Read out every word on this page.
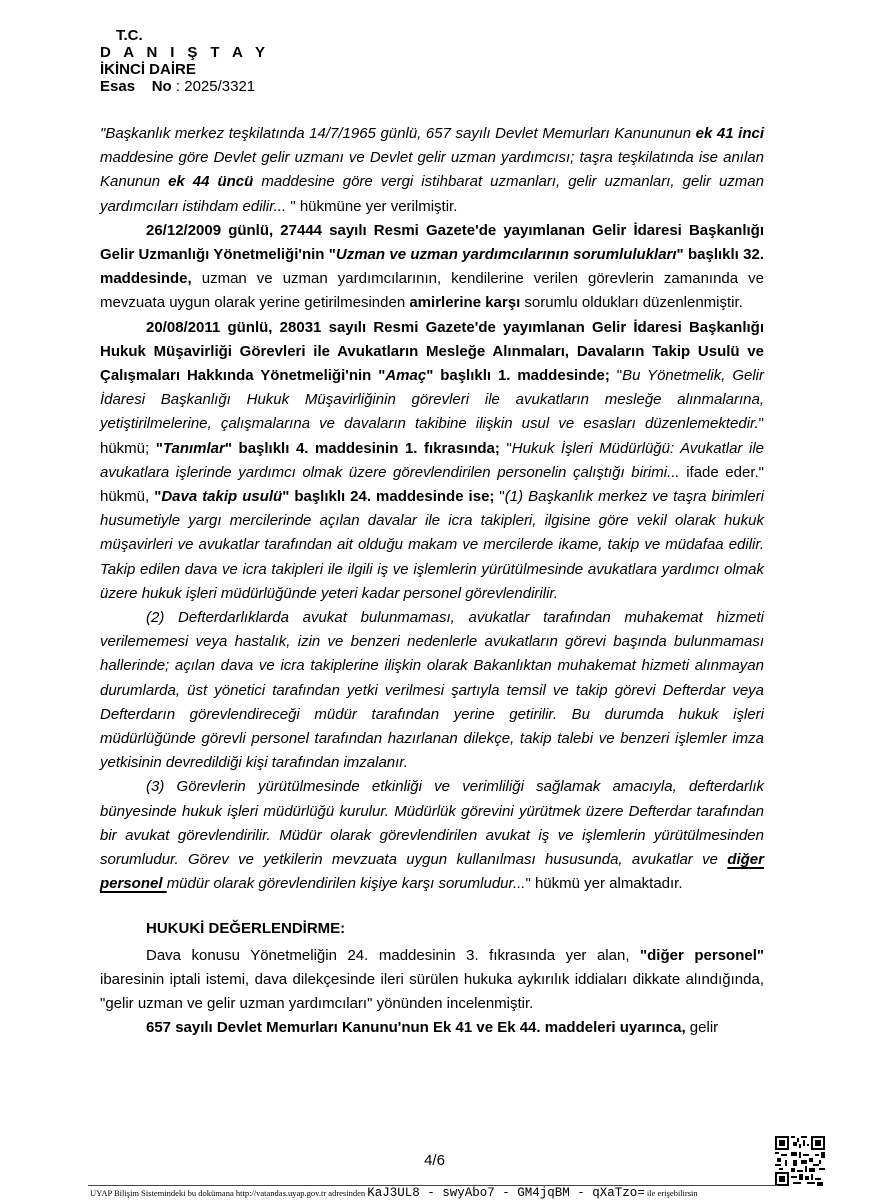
T.C.
D A N I Ş T A Y
İKİNCİ DAİRE
Esas No : 2025/3321

"Başkanlık merkez teşkilatında 14/7/1965 günlü, 657 sayılı Devlet Memurları Kanununun ek 41 inci maddesine göre Devlet gelir uzmanı ve Devlet gelir uzman yardımcısı; taşra teşkilatında ise anılan Kanunun ek 44 üncü maddesine göre vergi istihbarat uzmanları, gelir uzmanları, gelir uzman yardımcıları istihdam edilir... " hükmüne yer verilmiştir.

26/12/2009 günlü, 27444 sayılı Resmi Gazete'de yayımlanan Gelir İdaresi Başkanlığı Gelir Uzmanlığı Yönetmeliği'nin "Uzman ve uzman yardımcılarının sorumlulukları" başlıklı 32. maddesinde, uzman ve uzman yardımcılarının, kendilerine verilen görevlerin zamanında ve mevzuata uygun olarak yerine getirilmesinden amirlerine karşı sorumlu oldukları düzenlenmiştir.

20/08/2011 günlü, 28031 sayılı Resmi Gazete'de yayımlanan Gelir İdaresi Başkanlığı Hukuk Müşavirliği Görevleri ile Avukatların Mesleğe Alınmaları, Davaların Takip Usulü ve Çalışmaları Hakkında Yönetmeliği'nin "Amaç" başlıklı 1. maddesinde; "Bu Yönetmelik, Gelir İdaresi Başkanlığı Hukuk Müşavirliğinin görevleri ile avukatların mesleğe alınmalarına, yetiştirilmelerine, çalışmalarına ve davaların takibine ilişkin usul ve esasları düzenlemektedir." hükmü; "Tanımlar" başlıklı 4. maddesinin 1. fıkrasında; "Hukuk İşleri Müdürlüğü: Avukatlar ile avukatlara işlerinde yardımcı olmak üzere görevlendirilen personelin çalıştığı birimi... ifade eder." hükmü, "Dava takip usulü" başlıklı 24. maddesinde ise; "(1) Başkanlık merkez ve taşra birimleri husumetiyle yargı mercilerinde açılan davalar ile icra takipleri, ilgisine göre vekil olarak hukuk müşavirleri ve avukatlar tarafından ait olduğu makam ve mercilerde ikame, takip ve müdafaa edilir. Takip edilen dava ve icra takipleri ile ilgili iş ve işlemlerin yürütülmesinde avukatlara yardımcı olmak üzere hukuk işleri müdürlüğünde yeteri kadar personel görevlendirilir.

(2) Defterdarlıklarda avukat bulunmaması, avukatlar tarafından muhakemat hizmeti verilememesi veya hastalık, izin ve benzeri nedenlerle avukatların görevi başında bulunmaması hallerinde; açılan dava ve icra takiplerine ilişkin olarak Bakanlıktan muhakemat hizmeti alınmayan durumlarda, üst yönetici tarafından yetki verilmesi şartıyla temsil ve takip görevi Defterdar veya Defterdarın görevlendireceği müdür tarafından yerine getirilir. Bu durumda hukuk işleri müdürlüğünde görevli personel tarafından hazırlanan dilekçe, takip talebi ve benzeri işlemler imza yetkisinin devredildiği kişi tarafından imzalanır.

(3) Görevlerin yürütülmesinde etkinliği ve verimliliği sağlamak amacıyla, defterdarlık bünyesinde hukuk işleri müdürlüğü kurulur. Müdürlük görevini yürütmek üzere Defterdar tarafından bir avukat görevlendirilir. Müdür olarak görevlendirilen avukat iş ve işlemlerin yürütülmesinden sorumludur. Görev ve yetkilerin mevzuata uygun kullanılması hususunda, avukatlar ve diğer personel müdür olarak görevlendirilen kişiye karşı sorumludur..." hükmü yer almaktadır.

HUKUKİ DEĞERLENDİRME:

Dava konusu Yönetmeliğin 24. maddesinin 3. fıkrasında yer alan, "diğer personel" ibaresinin iptali istemi, dava dilekçesinde ileri sürülen hukuka aykırılık iddiaları dikkate alındığında, "gelir uzman ve gelir uzman yardımcıları" yönünden incelenmiştir.

657 sayılı Devlet Memurları Kanunu'nun Ek 41 ve Ek 44. maddeleri uyarınca, gelir

4/6
UYAP Bilişim Sistemindeki bu dokümana http://vatandas.uyap.gov.tr adresinden KaJ3UL8 - swyAbo7 - GM4jqBM - qXaTzo= ile erişebilirsin
